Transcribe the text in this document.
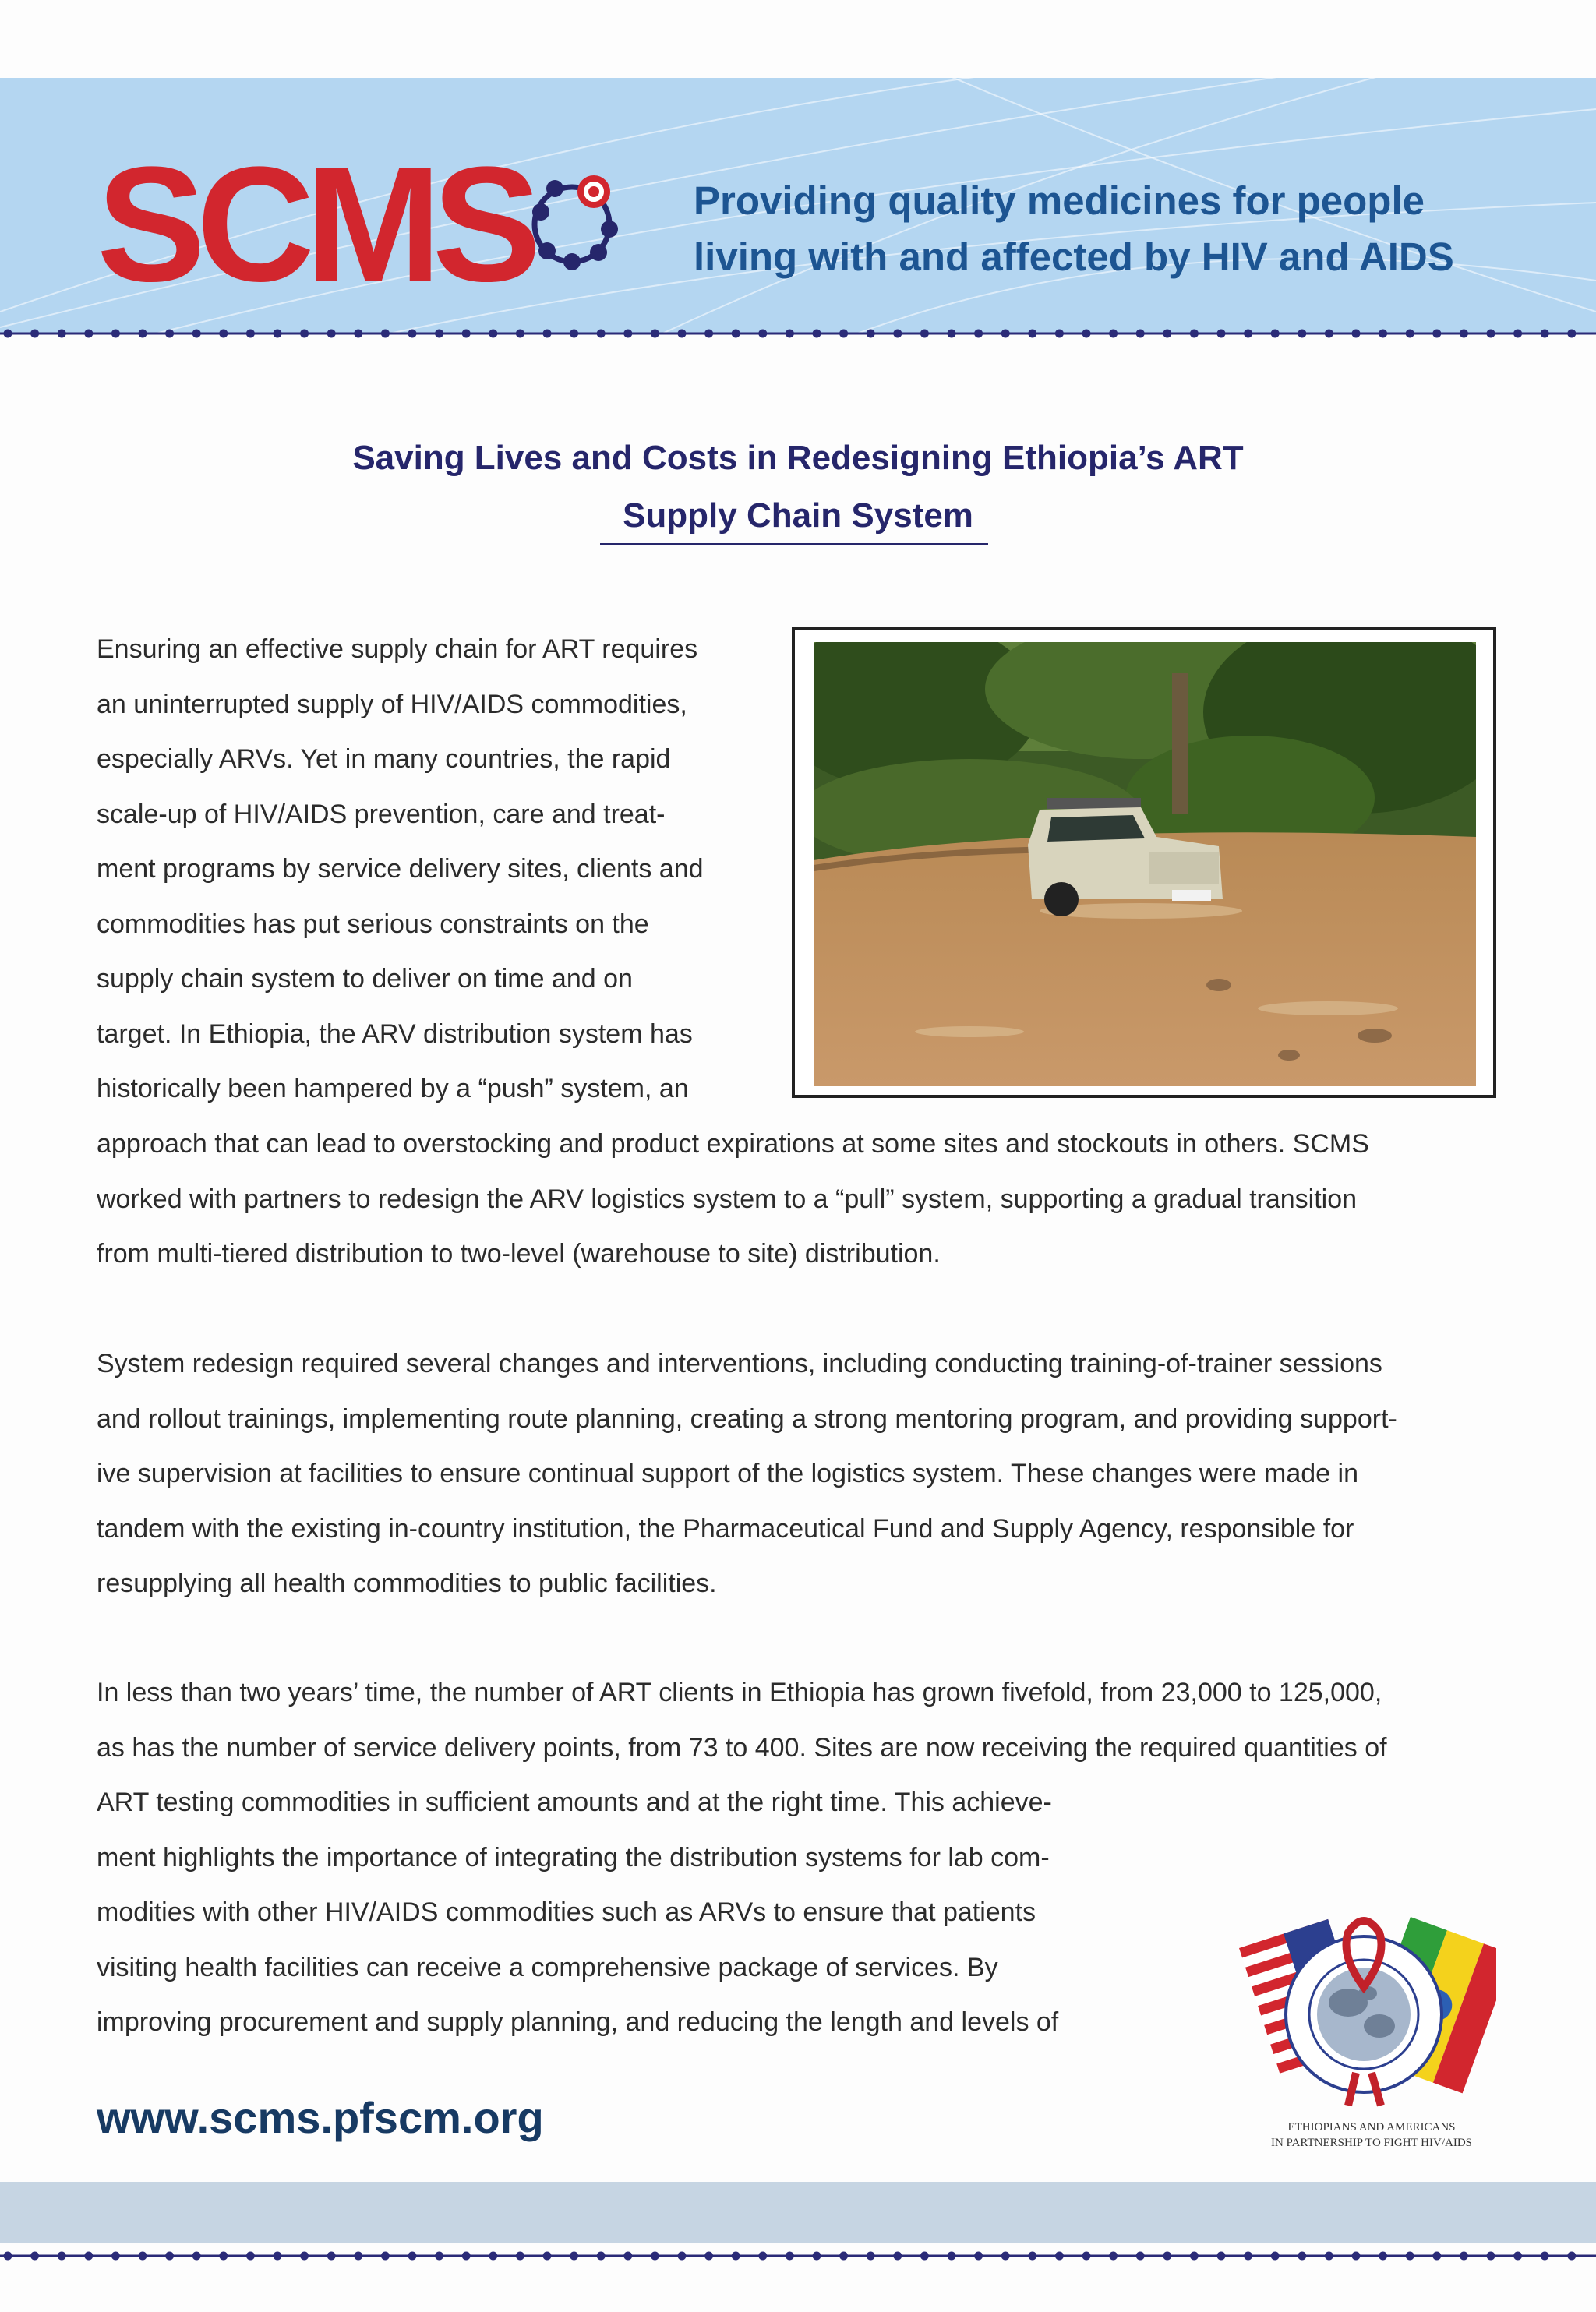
SCMS	Providing quality medicines for people
living with and affected by HIV and AIDS
Saving Lives and Costs in Redesigning Ethiopia’s ART
Supply Chain System
Ensuring an effective supply chain for ART requires
an uninterrupted supply of HIV/AIDS commodities,
especially ARVs. Yet in many countries, the rapid
scale-up of HIV/AIDS prevention, care and treat-
ment programs by service delivery sites, clients and
commodities has put serious constraints on the
supply chain system to deliver on time and on
target. In Ethiopia, the ARV distribution system has
historically been hampered by a “push” system, an
approach that can lead to overstocking and product expirations at some sites and stockouts in others. SCMS
worked with partners to redesign the ARV logistics system to a “pull” system, supporting a gradual transition
from multi-tiered distribution to two-level (warehouse to site) distribution.
System redesign required several changes and interventions, including conducting training-of-trainer sessions
and rollout trainings, implementing route planning, creating a strong mentoring program, and providing support-
ive supervision at facilities to ensure continual support of the logistics system. These changes were made in
tandem with the existing in-country institution, the Pharmaceutical Fund and Supply Agency, responsible for
resupplying all health commodities to public facilities.
In less than two years’ time, the number of ART clients in Ethiopia has grown fivefold, from 23,000 to 125,000,
as has the number of service delivery points, from 73 to 400. Sites are now receiving the required quantities of
ART testing commodities in sufficient amounts and at the right time. This achieve-
ment highlights the importance of integrating the distribution systems for lab com-
modities with other HIV/AIDS commodities such as ARVs to ensure that patients
visiting health facilities can receive a comprehensive package of services. By
improving procurement and supply planning, and reducing the length and levels of
ETHIOPIANS AND AMERICANS
IN PARTNERSHIP TO FIGHT HIV/AIDS
www.scms.pfscm.org
